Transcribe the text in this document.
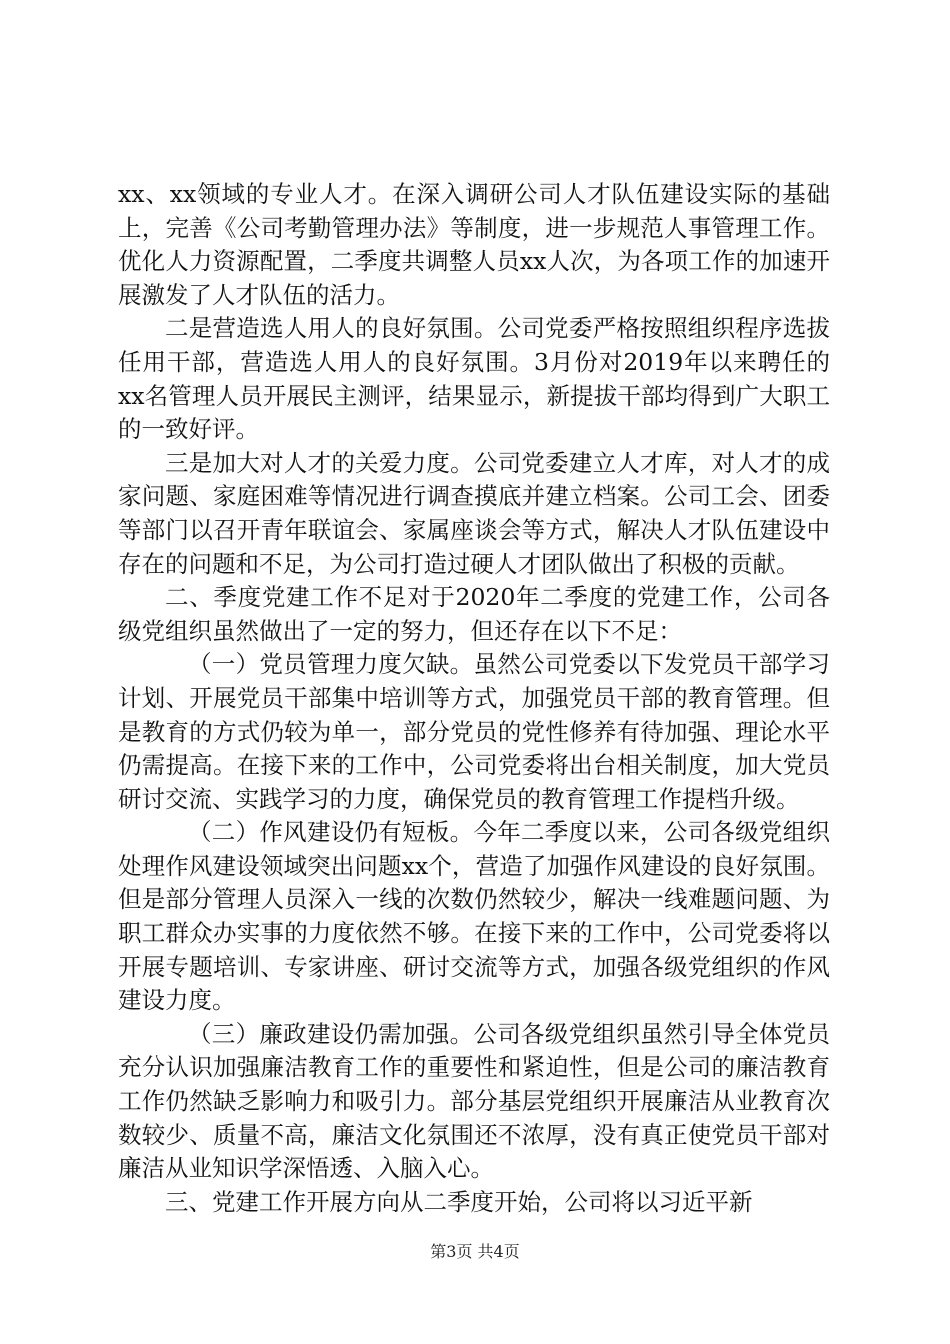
xx、xx领域的专业人才。在深入调研公司人才队伍建设实际的基础上，完善《公司考勤管理办法》等制度，进一步规范人事管理工作。优化人力资源配置，二季度共调整人员xx人次，为各项工作的加速开展激发了人才队伍的活力。

二是营造选人用人的良好氛围。公司党委严格按照组织程序选拔任用干部，营造选人用人的良好氛围。3月份对2019年以来聘任的xx名管理人员开展民主测评，结果显示，新提拔干部均得到广大职工的一致好评。

三是加大对人才的关爱力度。公司党委建立人才库，对人才的成家问题、家庭困难等情况进行调查摸底并建立档案。公司工会、团委等部门以召开青年联谊会、家属座谈会等方式，解决人才队伍建设中存在的问题和不足，为公司打造过硬人才团队做出了积极的贡献。

二、季度党建工作不足对于2020年二季度的党建工作，公司各级党组织虽然做出了一定的努力，但还存在以下不足：

（一）党员管理力度欠缺。虽然公司党委以下发党员干部学习计划、开展党员干部集中培训等方式，加强党员干部的教育管理。但是教育的方式仍较为单一，部分党员的党性修养有待加强、理论水平仍需提高。在接下来的工作中，公司党委将出台相关制度，加大党员研讨交流、实践学习的力度，确保党员的教育管理工作提档升级。

（二）作风建设仍有短板。今年二季度以来，公司各级党组织处理作风建设领域突出问题xx个，营造了加强作风建设的良好氛围。但是部分管理人员深入一线的次数仍然较少，解决一线难题问题、为职工群众办实事的力度依然不够。在接下来的工作中，公司党委将以开展专题培训、专家讲座、研讨交流等方式，加强各级党组织的作风建设力度。

（三）廉政建设仍需加强。公司各级党组织虽然引导全体党员充分认识加强廉洁教育工作的重要性和紧迫性，但是公司的廉洁教育工作仍然缺乏影响力和吸引力。部分基层党组织开展廉洁从业教育次数较少、质量不高，廉洁文化氛围还不浓厚，没有真正使党员干部对廉洁从业知识学深悟透、入脑入心。

三、党建工作开展方向从二季度开始，公司将以习近平新

第3页 共4页
